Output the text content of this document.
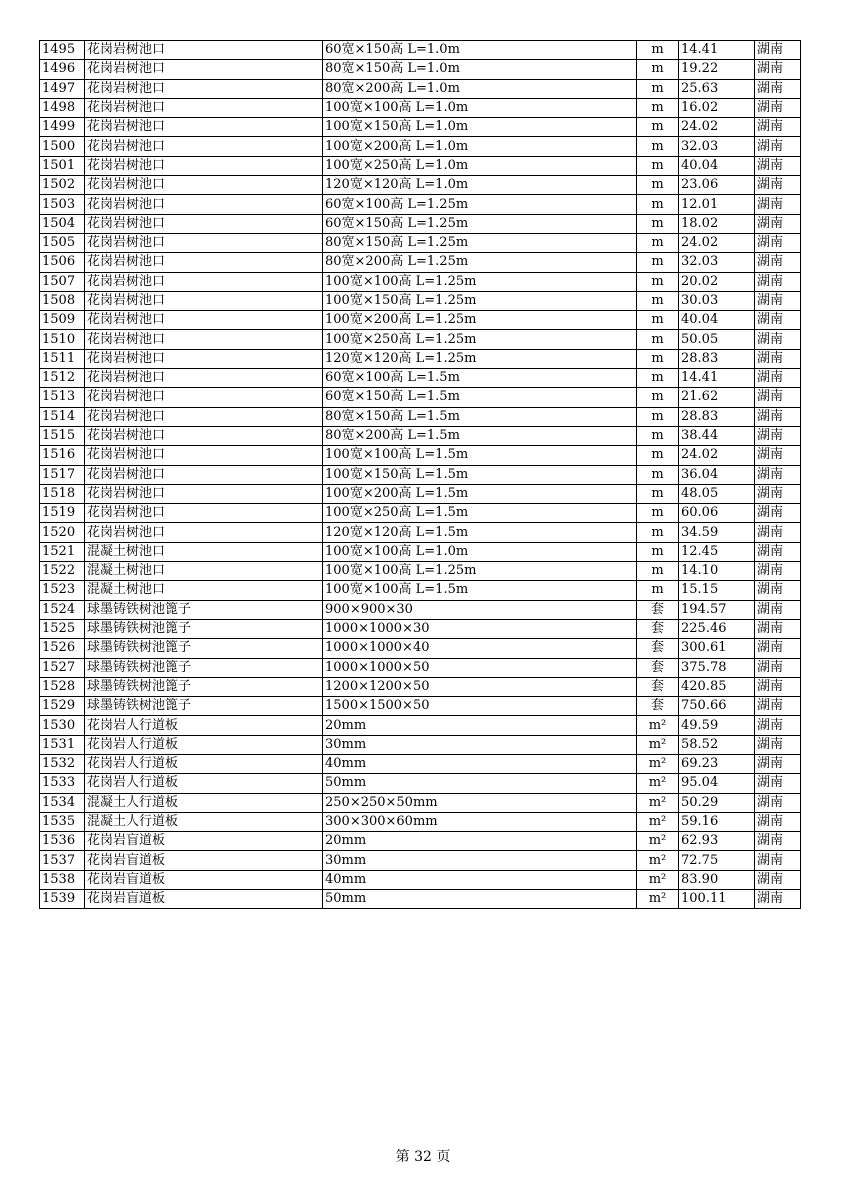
1495	花岗岩树池口	60宽×150高 L=1.0m	m	14.41	湖南
1496	花岗岩树池口	80宽×150高 L=1.0m	m	19.22	湖南
1497	花岗岩树池口	80宽×200高 L=1.0m	m	25.63	湖南
1498	花岗岩树池口	100宽×100高 L=1.0m	m	16.02	湖南
1499	花岗岩树池口	100宽×150高 L=1.0m	m	24.02	湖南
1500	花岗岩树池口	100宽×200高 L=1.0m	m	32.03	湖南
1501	花岗岩树池口	100宽×250高 L=1.0m	m	40.04	湖南
1502	花岗岩树池口	120宽×120高 L=1.0m	m	23.06	湖南
1503	花岗岩树池口	60宽×100高 L=1.25m	m	12.01	湖南
1504	花岗岩树池口	60宽×150高 L=1.25m	m	18.02	湖南
1505	花岗岩树池口	80宽×150高 L=1.25m	m	24.02	湖南
1506	花岗岩树池口	80宽×200高 L=1.25m	m	32.03	湖南
1507	花岗岩树池口	100宽×100高 L=1.25m	m	20.02	湖南
1508	花岗岩树池口	100宽×150高 L=1.25m	m	30.03	湖南
1509	花岗岩树池口	100宽×200高 L=1.25m	m	40.04	湖南
1510	花岗岩树池口	100宽×250高 L=1.25m	m	50.05	湖南
1511	花岗岩树池口	120宽×120高 L=1.25m	m	28.83	湖南
1512	花岗岩树池口	60宽×100高 L=1.5m	m	14.41	湖南
1513	花岗岩树池口	60宽×150高 L=1.5m	m	21.62	湖南
1514	花岗岩树池口	80宽×150高 L=1.5m	m	28.83	湖南
1515	花岗岩树池口	80宽×200高 L=1.5m	m	38.44	湖南
1516	花岗岩树池口	100宽×100高 L=1.5m	m	24.02	湖南
1517	花岗岩树池口	100宽×150高 L=1.5m	m	36.04	湖南
1518	花岗岩树池口	100宽×200高 L=1.5m	m	48.05	湖南
1519	花岗岩树池口	100宽×250高 L=1.5m	m	60.06	湖南
1520	花岗岩树池口	120宽×120高 L=1.5m	m	34.59	湖南
1521	混凝土树池口	100宽×100高 L=1.0m	m	12.45	湖南
1522	混凝土树池口	100宽×100高 L=1.25m	m	14.10	湖南
1523	混凝土树池口	100宽×100高 L=1.5m	m	15.15	湖南
1524	球墨铸铁树池篦子	900×900×30	套	194.57	湖南
1525	球墨铸铁树池篦子	1000×1000×30	套	225.46	湖南
1526	球墨铸铁树池篦子	1000×1000×40	套	300.61	湖南
1527	球墨铸铁树池篦子	1000×1000×50	套	375.78	湖南
1528	球墨铸铁树池篦子	1200×1200×50	套	420.85	湖南
1529	球墨铸铁树池篦子	1500×1500×50	套	750.66	湖南
1530	花岗岩人行道板	20mm	m²	49.59	湖南
1531	花岗岩人行道板	30mm	m²	58.52	湖南
1532	花岗岩人行道板	40mm	m²	69.23	湖南
1533	花岗岩人行道板	50mm	m²	95.04	湖南
1534	混凝土人行道板	250×250×50mm	m²	50.29	湖南
1535	混凝土人行道板	300×300×60mm	m²	59.16	湖南
1536	花岗岩盲道板	20mm	m²	62.93	湖南
1537	花岗岩盲道板	30mm	m²	72.75	湖南
1538	花岗岩盲道板	40mm	m²	83.90	湖南
1539	花岗岩盲道板	50mm	m²	100.11	湖南
第 32 页
